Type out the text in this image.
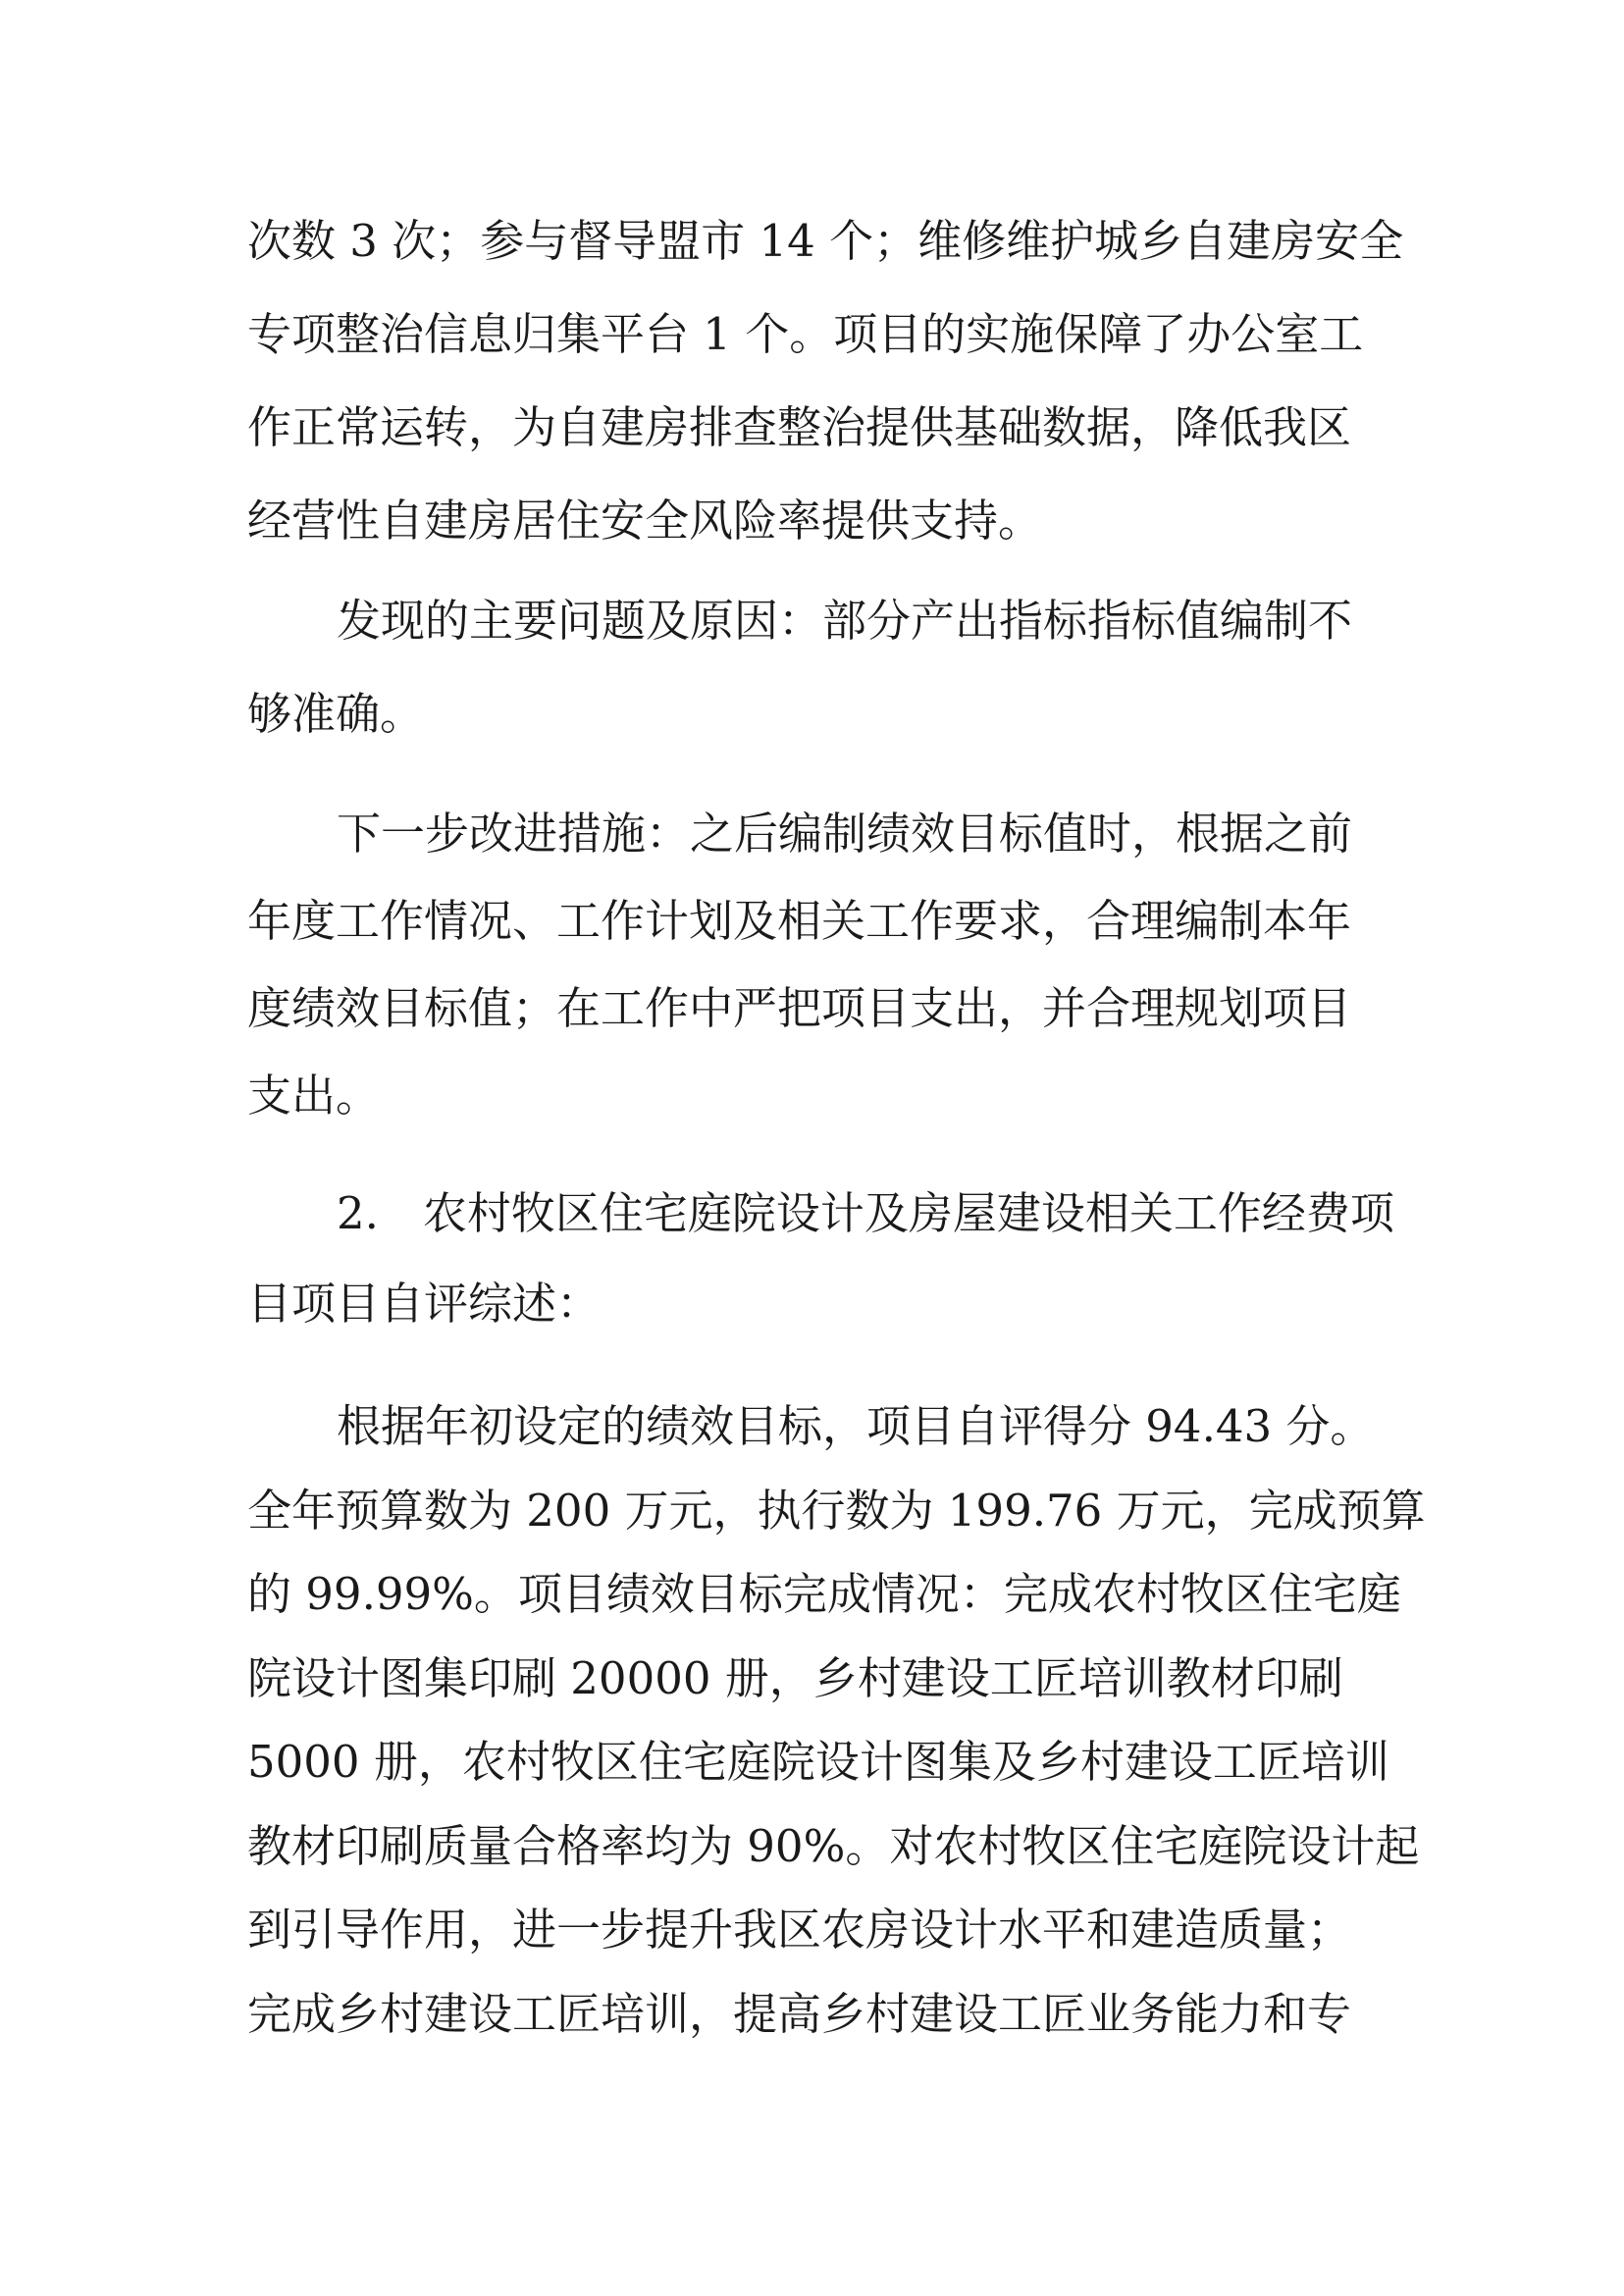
次数 3 次；参与督导盟市 14 个；维修维护城乡自建房安全
专项整治信息归集平台 1 个。项目的实施保障了办公室工
作正常运转，为自建房排查整治提供基础数据，降低我区
经营性自建房居住安全风险率提供支持。
发现的主要问题及原因：部分产出指标指标值编制不
够准确。
下一步改进措施：之后编制绩效目标值时，根据之前
年度工作情况、工作计划及相关工作要求，合理编制本年
度绩效目标值；在工作中严把项目支出，并合理规划项目
支出。
2.　农村牧区住宅庭院设计及房屋建设相关工作经费项
目项目自评综述：
根据年初设定的绩效目标，项目自评得分 94.43 分。
全年预算数为 200 万元，执行数为 199.76 万元，完成预算
的 99.99%。项目绩效目标完成情况：完成农村牧区住宅庭
院设计图集印刷 20000 册，乡村建设工匠培训教材印刷
5000 册，农村牧区住宅庭院设计图集及乡村建设工匠培训
教材印刷质量合格率均为 90%。对农村牧区住宅庭院设计起
到引导作用，进一步提升我区农房设计水平和建造质量；
完成乡村建设工匠培训，提高乡村建设工匠业务能力和专
